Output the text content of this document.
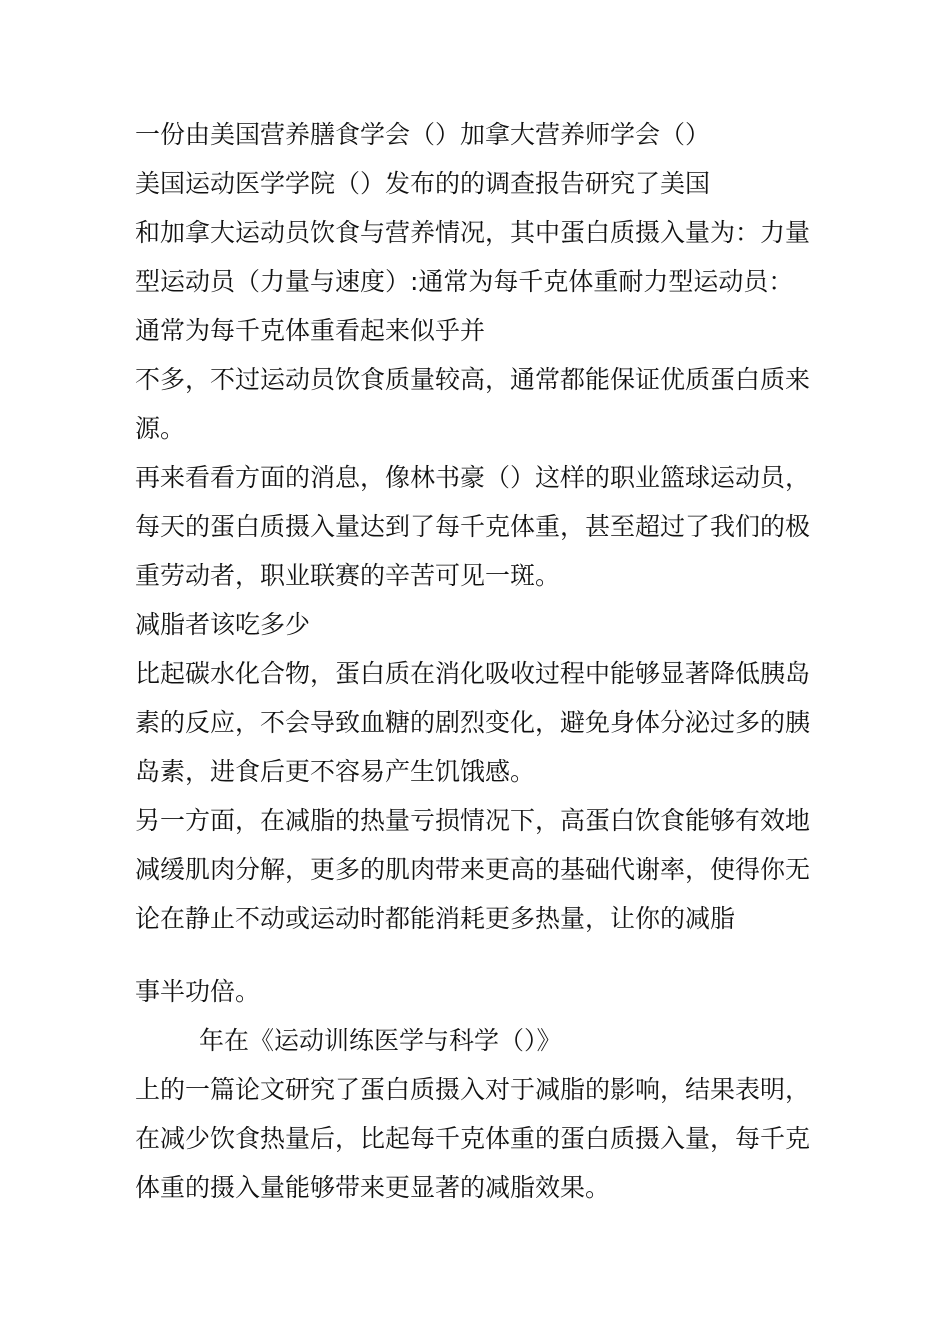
一份由美国营养膳食学会（）加拿大营养师学会（）
美国运动医学学院（）发布的的调查报告研究了美国
和加拿大运动员饮食与营养情况，其中蛋白质摄入量为：力量
型运动员（力量与速度）:通常为每千克体重耐力型运动员：
通常为每千克体重看起来似乎并
不多，不过运动员饮食质量较高，通常都能保证优质蛋白质来
源。
再来看看方面的消息，像林书豪（）这样的职业篮球运动员，
每天的蛋白质摄入量达到了每千克体重，甚至超过了我们的极
重劳动者，职业联赛的辛苦可见一斑。
减脂者该吃多少
比起碳水化合物，蛋白质在消化吸收过程中能够显著降低胰岛
素的反应，不会导致血糖的剧烈变化，避免身体分泌过多的胰
岛素，进食后更不容易产生饥饿感。
另一方面，在减脂的热量亏损情况下，高蛋白饮食能够有效地
减缓肌肉分解，更多的肌肉带来更高的基础代谢率，使得你无
论在静止不动或运动时都能消耗更多热量，让你的减脂
事半功倍。
年在《运动训练医学与科学（）》
上的一篇论文研究了蛋白质摄入对于减脂的影响，结果表明，
在减少饮食热量后，比起每千克体重的蛋白质摄入量，每千克
体重的摄入量能够带来更显著的减脂效果。
